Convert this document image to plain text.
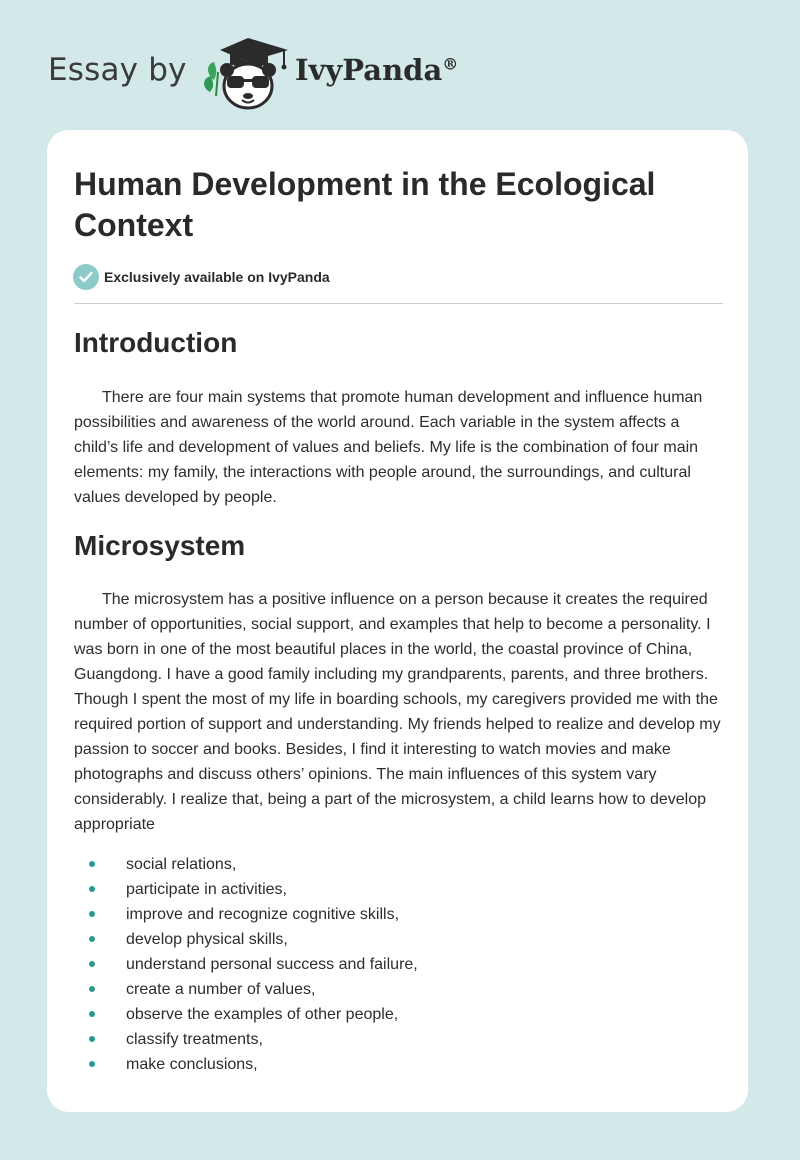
Essay by	IvyPanda®
Human Development in the Ecological Context
Exclusively available on IvyPanda
Introduction

There are four main systems that promote human development and influence human possibilities and awareness of the world around. Each variable in the system affects a child’s life and development of values and beliefs. My life is the combination of four main elements: my family, the interactions with people around, the surroundings, and cultural values developed by people.

Microsystem

The microsystem has a positive influence on a person because it creates the required number of opportunities, social support, and examples that help to become a personality. I was born in one of the most beautiful places in the world, the coastal province of China, Guangdong. I have a good family including my grandparents, parents, and three brothers. Though I spent the most of my life in boarding schools, my caregivers provided me with the required portion of support and understanding. My friends helped to realize and develop my passion to soccer and books. Besides, I find it interesting to watch movies and make photographs and discuss others’ opinions. The main influences of this system vary considerably. I realize that, being a part of the microsystem, a child learns how to develop appropriate

social relations,
participate in activities,
improve and recognize cognitive skills,
develop physical skills,
understand personal success and failure,
create a number of values,
observe the examples of other people,
classify treatments,
make conclusions,
